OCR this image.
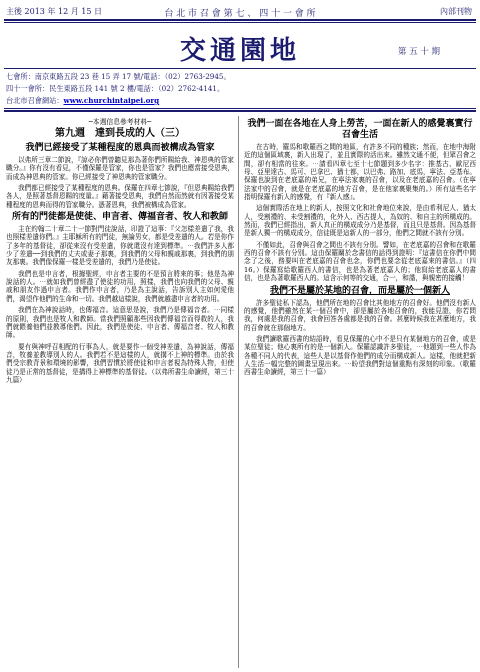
主後 2013 年 12 月 15 日	台 北 市 召 會 第 七 、 四 十 一 會 所	內部刊物
交通園地	第 五 十 期
七會所：南京東路五段 23 巷 15 弄 17 號/電話：（02）2763-2945。
四十一會所：民生東路五段 141 號 2 樓/電話：（02）2762-4141。
台北市召會網站：www.churchintaipei.org
─本週信息參考材料─
第九週　達到長成的人（三）
我們已經接受了某種程度的恩典而被構成為管家

以弗所三章二節說，『諒必你們曾聽見那為著你們所賜給我、神恩典的管家職分。』你有沒有看見，不僅保羅是管家，你也是管家？我們也應當接受恩典，而成為神恩典的管家。你已經接受了神恩典的管家職分。

我們都已經接受了某種程度的恩典。保羅在四章七節說，『但恩典賜給我們各人，是照著基督恩賜的度量。』藉著接受恩典，我們自然而然就有因著接受某種程度的恩典而得的管家職分。憑著恩典，我們被構成為管家。

所有的門徒都是使徒、申言者、傳福音者、牧人和教師

主在約翰二十章二十一節對門徒說話，印證了這事：『父怎樣差遣了我，我也照樣差遣你們。』主耶穌所有的門徒，無論男女，都是受差遣的人。若是你作了多年的基督徒，卻從來沒有受差遣，你就還沒有達到標準。⋯我們許多人都少了差遣──到我們的丈夫或妻子那裏，到我們的父母和親戚那裏，到我們的朋友那裏。我們像保羅一樣是受差遣的，我們乃是使徒。

我們也是申言者，根據聖經，申言者主要的不是預言將來的事；他是為神說話的人。⋯就如我們曾經盡了使徒的功用，照樣，我們也向我們的父母、親戚和朋友作過申言者。我們作申言者，乃是為主說話，告訴別人主如何愛他們，渴望作他們的生命和一切。我們越這樣說，我們就越盡申言者的功用。

我們在為神說話時，也傳福音。這意思是說，我們乃是傳福音者。⋯同樣的原則，我們也是牧人和教師。當我們照顧那些因我們傳福音而得救的人，我們就餵養他們並教導他們。因此，我們是使徒、申言者、傳福音者、牧人和教師。

要有與神呼召相配的行事為人，就是要作一個受神差遣，為神說話，傳福音，牧養並教導別人的人。我們若不是這樣的人，就搆不上神的標準。由於我們受宗教背景和環境的影響，我們習慣於將使徒和申言者視為特殊人物，但使徒乃是正常的基督徒，是搆得上神標準的基督徒。（以弗所書生命讀經，第三十九篇）

我們一面在各地在人身上勞苦，一面在新人的感覺裏實行召會生活

在古時，羅馬和歌羅西之間的地區，有許多不同的種族；然而，在地中海附近的這個區域裏，新人出現了，並且實際的活出來。雖然文通不便，但眾召會之間，卻有相當的往來。⋯請看四章七至十七節題到多少名字：推基古、歐尼西母、亞里達古、馬可、巴拿巴、猶士都，以巴弗、路加、底馬，寧法、亞基布。保羅也說到在老底嘉的弟兄，在寧法家裏的召會，以及在老底嘉的召會。（在寧法家中的召會，就是在老底嘉的地方召會，是在他家裏聚集的。）所有這些名字指明保羅有新人的感覺，有『新人感』。

這個實際活在地上的新人，按照文化和社會地位來說，是由希利尼人、猶太人，受割禮的、未受割禮的，化外人、西古提人，為奴的、和自主的所構成的。然而，我們已經指出，新人真正的構成成分乃是基督，而且只是基督。因為基督是新人獨一的構成成分，信徒既是這新人的一部分，他們之間就不該有分別。

不僅如此，召會與召會之間也不該有分別。譬如，在老底嘉的召會和在歌羅西的召會不該有分別。這由保羅關於念書信的話得到證明：『這書信在你們中間念了之後，務要叫在老底嘉的召會也念，你們也要念從老底嘉來的書信。』（四 16。）保羅寫給歌羅西人的書信，也是為著老底嘉人的；他寫給老底嘉人的書信，也是為著歌羅西人的。這含示何等的交通，合一，和諧，與親密的接觸！

我們不是屬於某地的召會，而是屬於一個新人

許多聖徒私下認為，他們所在地的召會比其他地方的召會好。他們沒有新人的感覺，他們雖然在某一個召會中，卻是屬於各地召會的，我能見證，你若問我，何處是我的召會，我會回答各處都是我的召會。甚麼時候我在甚麼地方，我的召會就在那個地方。

我們讀歌羅西書的結語時，看見保羅的心中不是只有某個地方的召會，或是某位聖徒；他心裏所有的是一個新人。保羅認識許多聖徒，⋯他題到一些人作為各種不同人的代表，這些人是以基督作他們的成分而構成新人。這樣，他就把新人生活一幅完整的圖畫呈現出來。⋯盼望我們對這個重點有深刻的印象。（歌羅西書生命讀經，第三十一篇）
